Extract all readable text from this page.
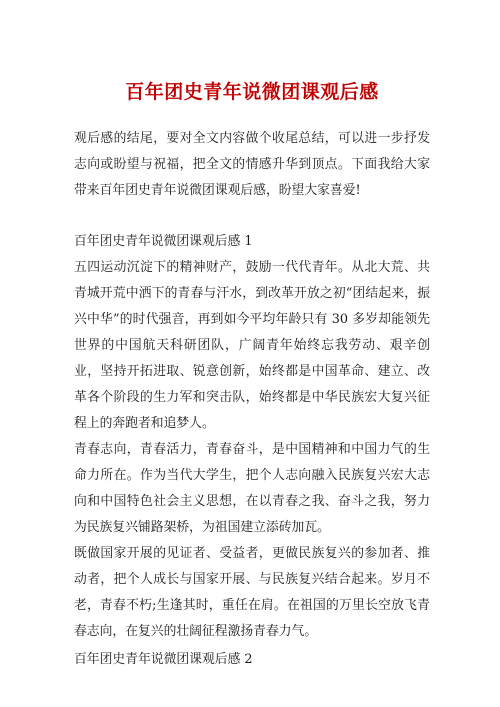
百年团史青年说微团课观后感

观后感的结尾，要对全文内容做个收尾总结，可以进一步抒发志向或盼望与祝福，把全文的情感升华到顶点。下面我给大家带来百年团史青年说微团课观后感，盼望大家喜爱!

百年团史青年说微团课观后感 1

五四运动沉淀下的精神财产，鼓励一代代青年。从北大荒、共青城开荒中洒下的青春与汗水，到改革开放之初“团结起来，振兴中华”的时代强音，再到如今平均年龄只有 30 多岁却能领先世界的中国航天科研团队，广阔青年始终忘我劳动、艰辛创业，坚持开拓进取、锐意创新，始终都是中国革命、建立、改革各个阶段的生力军和突击队，始终都是中华民族宏大复兴征程上的奔跑者和追梦人。

青春志向，青春活力，青春奋斗，是中国精神和中国力气的生命力所在。作为当代大学生，把个人志向融入民族复兴宏大志向和中国特色社会主义思想，在以青春之我、奋斗之我，努力为民族复兴铺路架桥，为祖国建立添砖加瓦。

既做国家开展的见证者、受益者，更做民族复兴的参加者、推动者，把个人成长与国家开展、与民族复兴结合起来。岁月不老，青春不朽;生逢其时，重任在肩。在祖国的万里长空放飞青春志向，在复兴的壮阔征程激扬青春力气。

百年团史青年说微团课观后感 2
